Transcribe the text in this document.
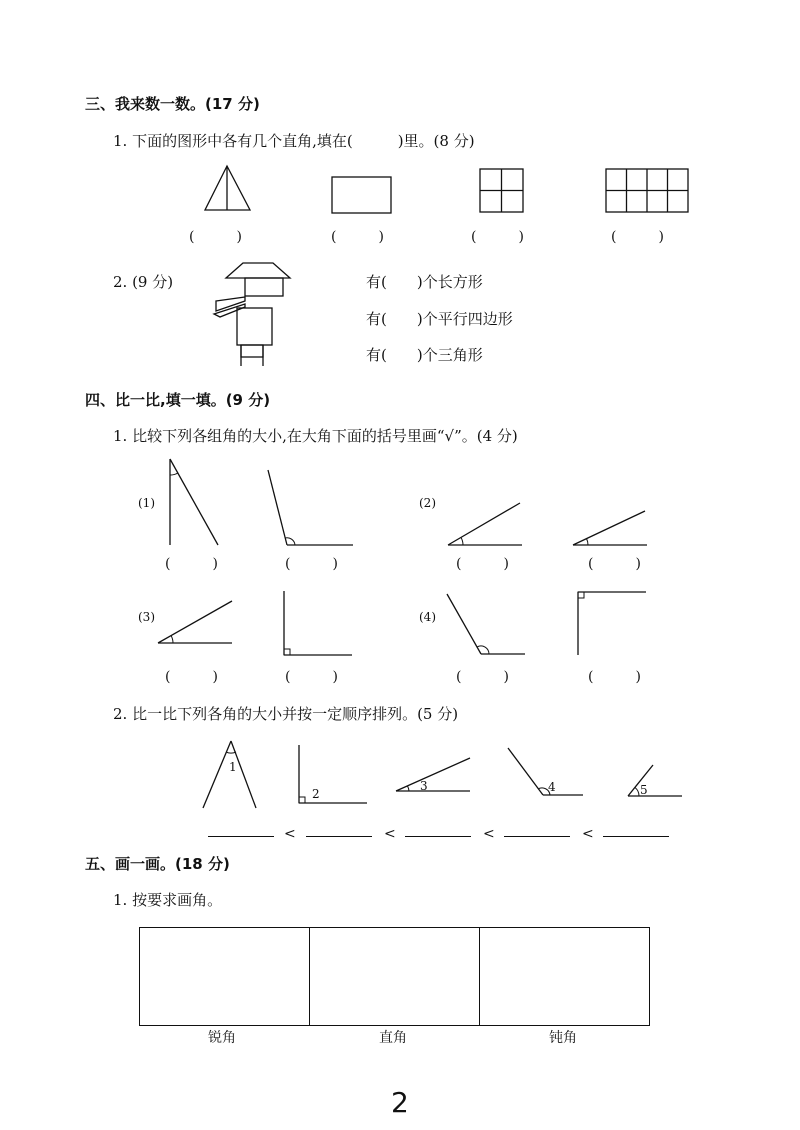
三、我来数一数。(17 分)
1. 下面的图形中各有几个直角,填在(　　　)里。(8 分)
(　　　)	(　　　)	(　　　)	(　　　)
2. (9 分)	有(　　)个长方形
有(　　)个平行四边形
有(　　)个三角形
四、比一比,填一填。(9 分)
1. 比较下列各组角的大小,在大角下面的括号里画“√”。(4 分)
(1)	(2)
(3)	(4)
(　　　)	(　　　)	(　　　)	(　　　)
(　　　)	(　　　)	(　　　)	(　　　)
2. 比一比下列各角的大小并按一定顺序排列。(5 分)
1
2
3	4	5
<	<	<	<
五、画一画。(18 分)
1. 按要求画角。
锐角	直角	钝角
2
